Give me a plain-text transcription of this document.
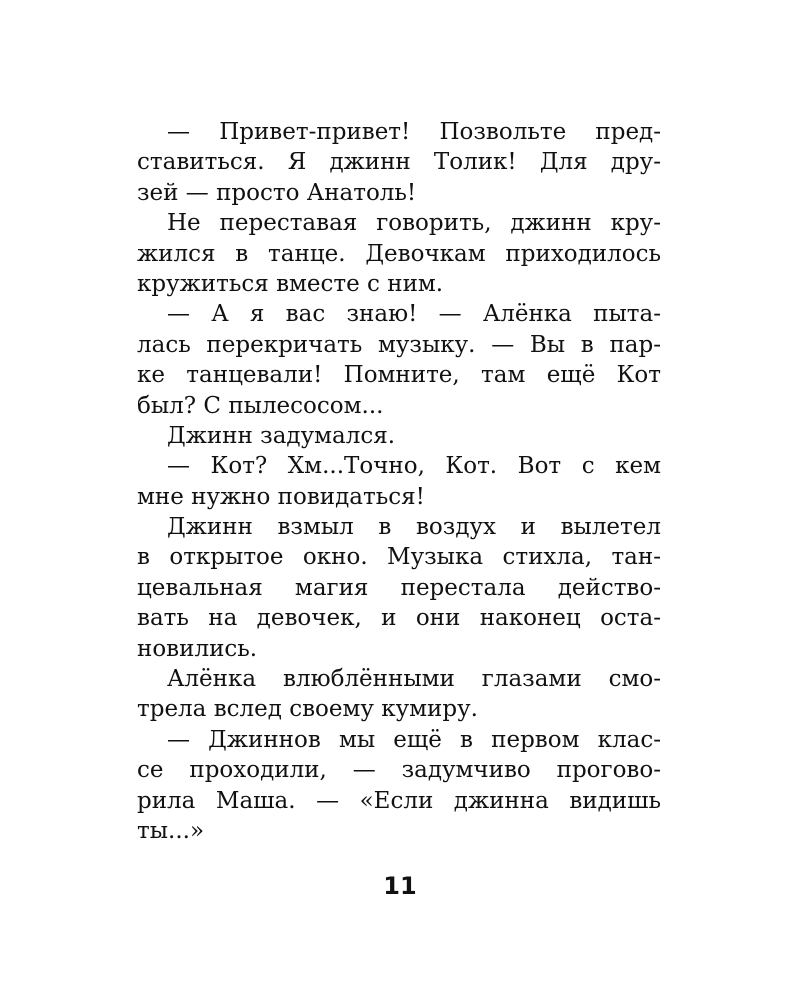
— Привет-привет! Позвольте пред-
ставиться. Я джинн Толик! Для дру-
зей — просто Анатоль!
Не переставая говорить, джинн кру-
жился в танце. Девочкам приходилось
кружиться вместе с ним.
— А я вас знаю! — Алёнка пыта-
лась перекричать музыку. — Вы в пар-
ке танцевали! Помните, там ещё Кот
был? С пылесосом...
Джинн задумался.
— Кот? Хм...Точно, Кот. Вот с кем
мне нужно повидаться!
Джинн взмыл в воздух и вылетел
в открытое окно. Музыка стихла, тан-
цевальная магия перестала действо-
вать на девочек, и они наконец оста-
новились.
Алёнка влюблёнными глазами смо-
трела вслед своему кумиру.
— Джиннов мы ещё в первом клас-
се проходили, — задумчиво прогово-
рила Маша. — «Если джинна видишь
ты...»
11
